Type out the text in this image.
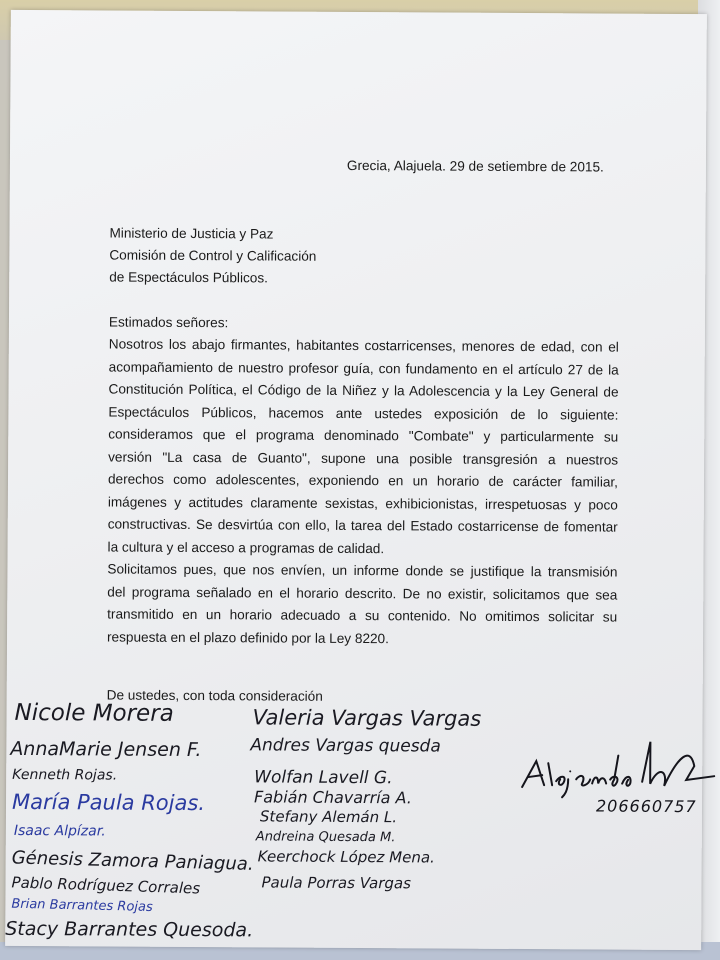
Grecia, Alajuela. 29 de setiembre de 2015.
Ministerio de Justicia y Paz
Comisión de Control y Calificación
de Espectáculos Públicos.
Estimados señores:
Nosotros los abajo firmantes, habitantes costarricenses, menores de edad, con el
acompañamiento de nuestro profesor guía, con fundamento en el artículo 27 de la
Constitución Política, el Código de la Niñez y la Adolescencia y la Ley General de
Espectáculos Públicos, hacemos ante ustedes exposición de lo siguiente:
consideramos que el programa denominado "Combate" y particularmente su
versión "La casa de Guanto", supone una posible transgresión a nuestros
derechos como adolescentes, exponiendo en un horario de carácter familiar,
imágenes y actitudes claramente sexistas, exhibicionistas, irrespetuosas y poco
constructivas. Se desvirtúa con ello, la tarea del Estado costarricense de fomentar
la cultura y el acceso a programas de calidad.
Solicitamos pues, que nos envíen, un informe donde se justifique la transmisión
del programa señalado en el horario descrito. De no existir, solicitamos que sea
transmitido en un horario adecuado a su contenido. No omitimos solicitar su
respuesta en el plazo definido por la Ley 8220.
De ustedes, con toda consideración
Nicole Morera
AnnaMarie Jensen F.
Kenneth Rojas.
María Paula Rojas.
Isaac Alpízar.
Génesis Zamora Paniagua.
Pablo Rodríguez Corrales
Brian Barrantes Rojas
Stacy Barrantes Quesoda.
Valeria Vargas Vargas
Andres Vargas quesda
Wolfan Lavell G.
Fabián Chavarría A.
Stefany Alemán L.
Andreina Quesada M.
Keerchock López Mena.
Paula Porras Vargas
206660757
